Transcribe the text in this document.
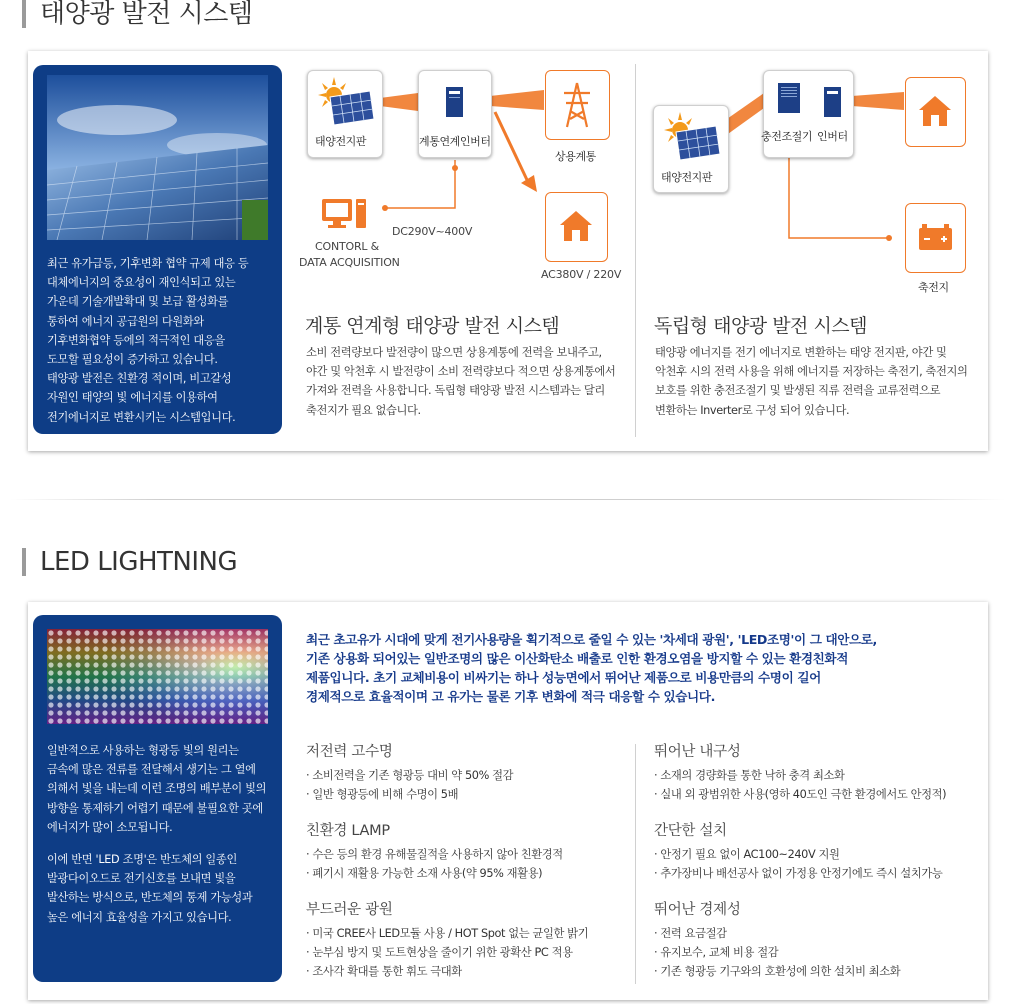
태양광 발전 시스템
최근 유가급등, 기후변화 협약 규제 대응 등
대체에너지의 중요성이 재인식되고 있는
가운데 기술개발확대 및 보급 활성화를
통하여 에너지 공급원의 다원화와
기후변화협약 등에의 적극적인 대응을
도모할 필요성이 증가하고 있습니다.
태양광 발전은 친환경 적이며, 비고갈성
자원인 태양의 빛 에너지를 이용하여
전기에너지로 변환시키는 시스템입니다.
태양전지판	계통연계인버터
상용계통
CONTORL &
DATA ACQUISITION
DC290V~400V
AC380V / 220V
계통 연계형 태양광 발전 시스템
소비 전력량보다 발전량이 많으면 상용계통에 전력을 보내주고,
야간 및 악천후 시 발전량이 소비 전력량보다 적으면 상용계통에서
가져와 전력을 사용합니다. 독립형 태양광 발전 시스템과는 달리
축전지가 필요 없습니다.
태양전지판
충전조절기 인버터
축전지
독립형 태양광 발전 시스템
태양광 에너지를 전기 에너지로 변환하는 태양 전지판, 야간 및
악천후 시의 전력 사용을 위해 에너지를 저장하는 축전기, 축전지의
보호를 위한 충전조절기 및 발생된 직류 전력을 교류전력으로
변환하는 Inverter로 구성 되어 있습니다.
LED LIGHTNING
일반적으로 사용하는 형광등 빛의 원리는
금속에 많은 전류를 전달해서 생기는 그 열에
의해서 빛을 내는데 이런 조명의 배부분이 빛의
방향을 통제하기 어렵기 때문에 불필요한 곳에
에너지가 많이 소모됩니다.
이에 반면 'LED 조명'은 반도체의 일종인
발광다이오드로 전기신호를 보내면 빛을
발산하는 방식으로, 반도체의 통제 가능성과
높은 에너지 효율성을 가지고 있습니다.
최근 초고유가 시대에 맞게 전기사용량을 획기적으로 줄일 수 있는 '차세대 광원', 'LED조명'이 그 대안으로,
기존 상용화 되어있는 일반조명의 많은 이산화탄소 배출로 인한 환경오염을 방지할 수 있는 환경친화적
제품입니다. 초기 교체비용이 비싸기는 하나 성능면에서 뛰어난 제품으로 비용만큼의 수명이 길어
경제적으로 효율적이며 고 유가는 물론 기후 변화에 적극 대응할 수 있습니다.
저전력 고수명
· 소비전력을 기존 형광등 대비 약 50% 절감
· 일반 형광등에 비해 수명이 5배
친환경 LAMP
· 수은 등의 환경 유해물질적을 사용하지 않아 친환경적
· 폐기시 재활용 가능한 소재 사용(약 95% 재활용)
부드러운 광원
· 미국 CREE사 LED모듈 사용 / HOT Spot 없는 균일한 밝기
· 눈부심 방지 및 도트현상을 줄이기 위한 광확산 PC 적용
· 조사각 확대를 통한 휘도 극대화
뛰어난 내구성
· 소재의 경량화를 통한 낙하 충격 최소화
· 실내 외 광범위한 사용(영하 40도인 극한 환경에서도 안정적)
간단한 설치
· 안정기 필요 없이 AC100~240V 지원
· 추가장비나 배선공사 없이 가정용 안정기에도 즉시 설치가능
뛰어난 경제성
· 전력 요금절감
· 유지보수, 교체 비용 절감
· 기존 형광등 기구와의 호환성에 의한 설치비 최소화
